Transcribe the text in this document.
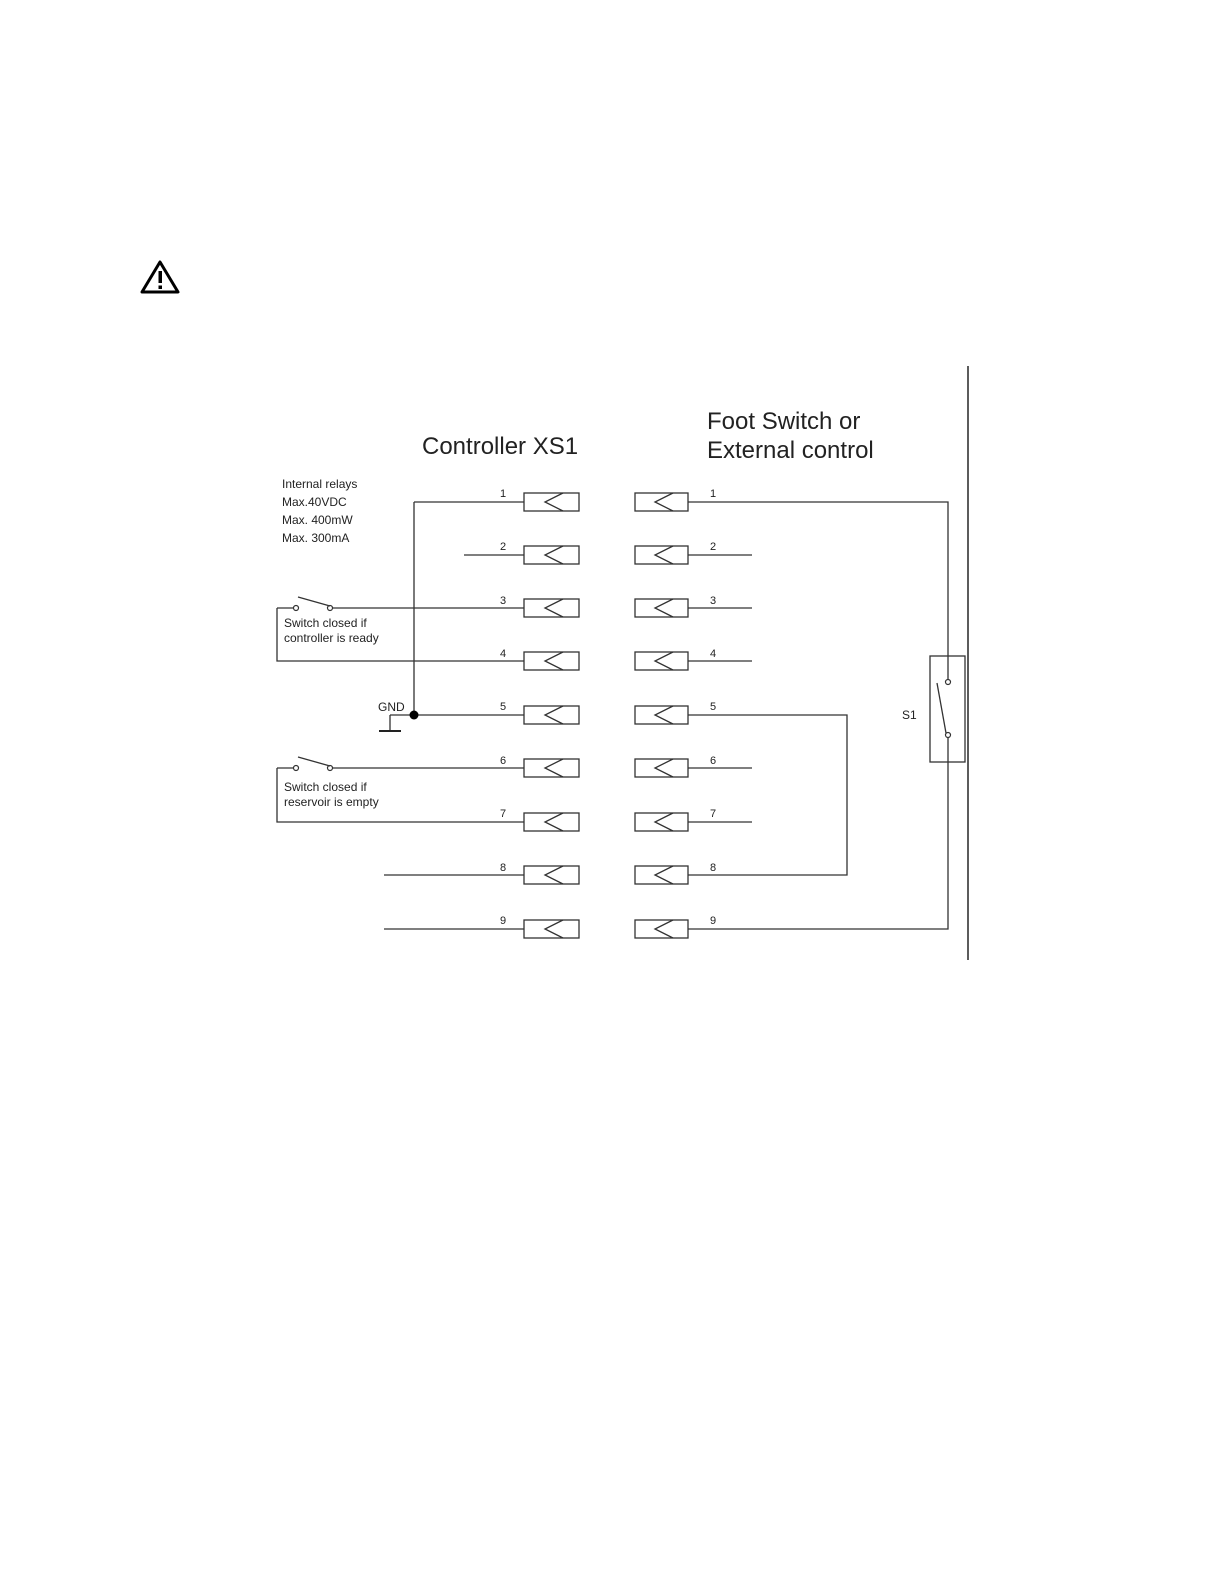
Controller XS1
Foot Switch or
External control
Internal relays
Max.40VDC
Max. 400mW
Max. 300mA
1
2
3
4
5
6
7
8
9
1
2
3
4
5
6
7
8
9
Switch closed if
controller is ready
Switch closed if
reservoir is empty
GND
S1
